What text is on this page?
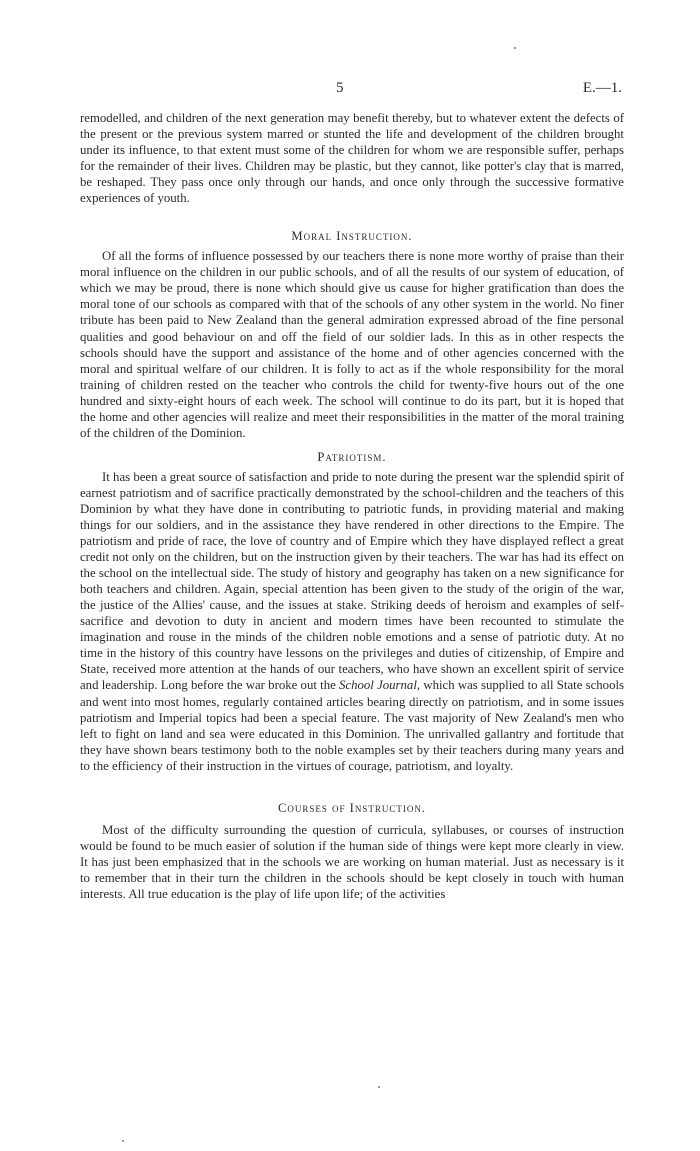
5	E.—1.

remodelled, and children of the next generation may benefit thereby, but to whatever extent the defects of the present or the previous system marred or stunted the life and development of the children brought under its influence, to that extent must some of the children for whom we are responsible suffer, perhaps for the remainder of their lives. Children may be plastic, but they cannot, like potter's clay that is marred, be reshaped. They pass once only through our hands, and once only through the successive formative experiences of youth.

Moral Instruction.

Of all the forms of influence possessed by our teachers there is none more worthy of praise than their moral influence on the children in our public schools, and of all the results of our system of education, of which we may be proud, there is none which should give us cause for higher gratification than does the moral tone of our schools as compared with that of the schools of any other system in the world. No finer tribute has been paid to New Zealand than the general admiration expressed abroad of the fine personal qualities and good behaviour on and off the field of our soldier lads. In this as in other respects the schools should have the support and assistance of the home and of other agencies concerned with the moral and spiritual welfare of our children. It is folly to act as if the whole responsibility for the moral training of children rested on the teacher who controls the child for twenty-five hours out of the one hundred and sixty-eight hours of each week. The school will continue to do its part, but it is hoped that the home and other agencies will realize and meet their responsibilities in the matter of the moral training of the children of the Dominion.

Patriotism.

It has been a great source of satisfaction and pride to note during the present war the splendid spirit of earnest patriotism and of sacrifice practically demonstrated by the school-children and the teachers of this Dominion by what they have done in contributing to patriotic funds, in providing material and making things for our soldiers, and in the assistance they have rendered in other directions to the Empire. The patriotism and pride of race, the love of country and of Empire which they have displayed reflect a great credit not only on the children, but on the instruction given by their teachers. The war has had its effect on the school on the intellectual side. The study of history and geography has taken on a new significance for both teachers and children. Again, special attention has been given to the study of the origin of the war, the justice of the Allies' cause, and the issues at stake. Striking deeds of heroism and examples of self-sacrifice and devotion to duty in ancient and modern times have been recounted to stimulate the imagination and rouse in the minds of the children noble emotions and a sense of patriotic duty. At no time in the history of this country have lessons on the privileges and duties of citizenship, of Empire and State, received more attention at the hands of our teachers, who have shown an excellent spirit of service and leadership. Long before the war broke out the School Journal, which was supplied to all State schools and went into most homes, regularly contained articles bearing directly on patriotism, and in some issues patriotism and Imperial topics had been a special feature. The vast majority of New Zealand's men who left to fight on land and sea were educated in this Dominion. The unrivalled gallantry and fortitude that they have shown bears testimony both to the noble examples set by their teachers during many years and to the efficiency of their instruction in the virtues of courage, patriotism, and loyalty.

Courses of Instruction.

Most of the difficulty surrounding the question of curricula, syllabuses, or courses of instruction would be found to be much easier of solution if the human side of things were kept more clearly in view. It has just been emphasized that in the schools we are working on human material. Just as necessary is it to remember that in their turn the children in the schools should be kept closely in touch with human interests. All true education is the play of life upon life; of the activities
